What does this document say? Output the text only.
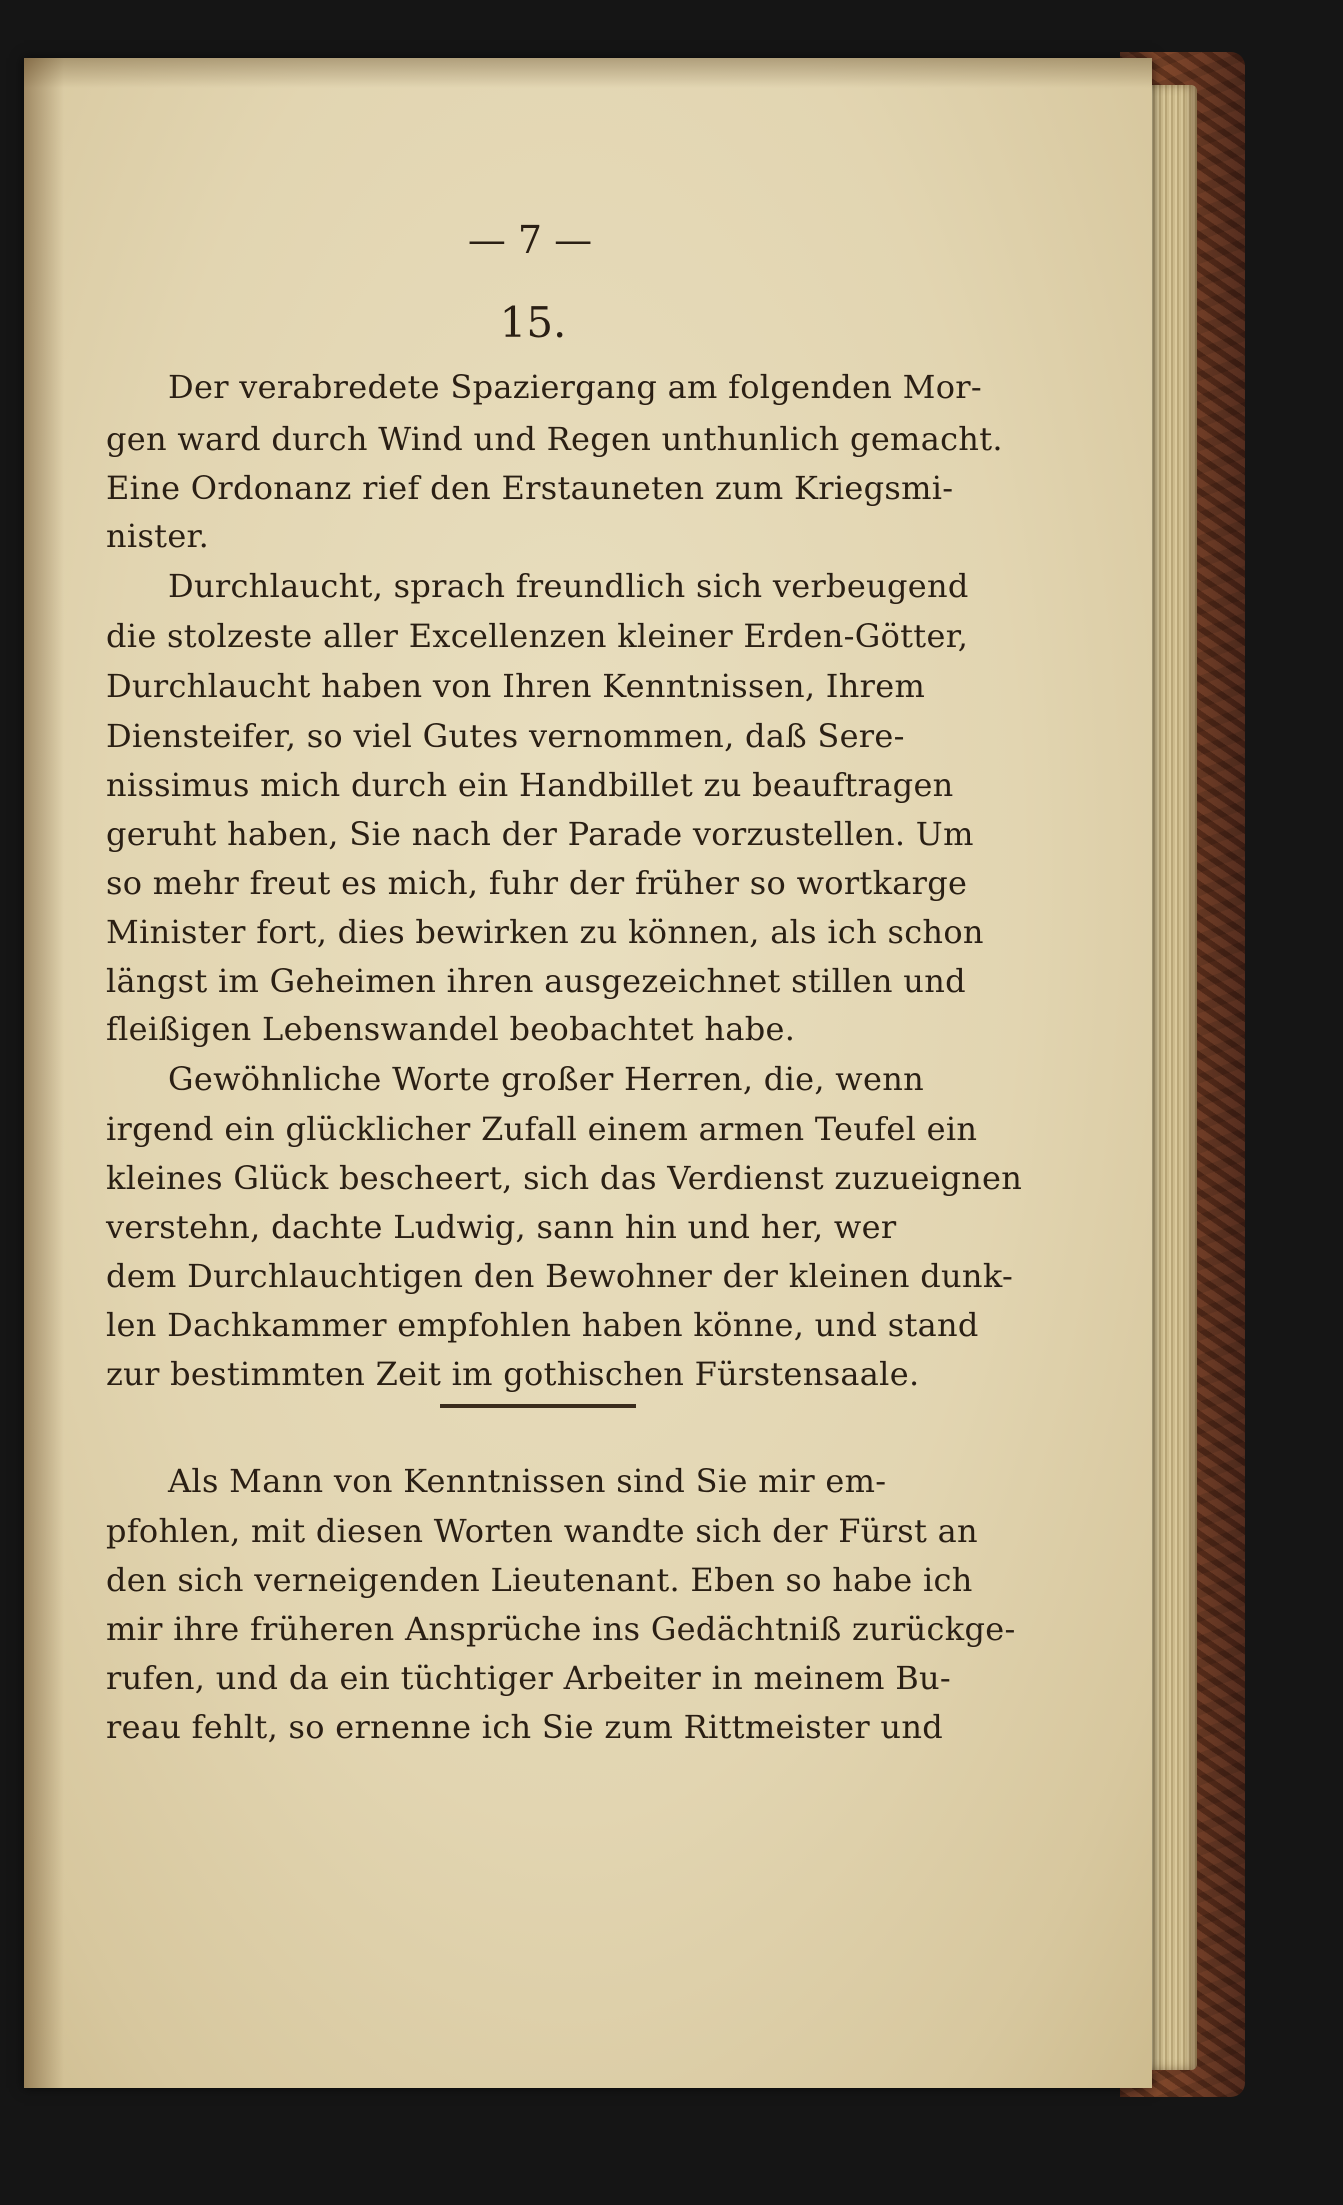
— 7 —
15.
Der verabredete Spaziergang am folgenden Mor-
gen ward durch Wind und Regen unthunlich gemacht.
Eine Ordonanz rief den Erstauneten zum Kriegsmi-
nister.
Durchlaucht, sprach freundlich sich verbeugend
die stolzeste aller Excellenzen kleiner Erden-Götter,
Durchlaucht haben von Ihren Kenntnissen, Ihrem
Diensteifer, so viel Gutes vernommen, daß Sere-
nissimus mich durch ein Handbillet zu beauftragen
geruht haben, Sie nach der Parade vorzustellen. Um
so mehr freut es mich, fuhr der früher so wortkarge
Minister fort, dies bewirken zu können, als ich schon
längst im Geheimen ihren ausgezeichnet stillen und
fleißigen Lebenswandel beobachtet habe.
Gewöhnliche Worte großer Herren, die, wenn
irgend ein glücklicher Zufall einem armen Teufel ein
kleines Glück bescheert, sich das Verdienst zuzueignen
verstehn, dachte Ludwig, sann hin und her, wer
dem Durchlauchtigen den Bewohner der kleinen dunk-
len Dachkammer empfohlen haben könne, und stand
zur bestimmten Zeit im gothischen Fürstensaale.
Als Mann von Kenntnissen sind Sie mir em-
pfohlen, mit diesen Worten wandte sich der Fürst an
den sich verneigenden Lieutenant. Eben so habe ich
mir ihre früheren Ansprüche ins Gedächtniß zurückge-
rufen, und da ein tüchtiger Arbeiter in meinem Bu-
reau fehlt, so ernenne ich Sie zum Rittmeister und
